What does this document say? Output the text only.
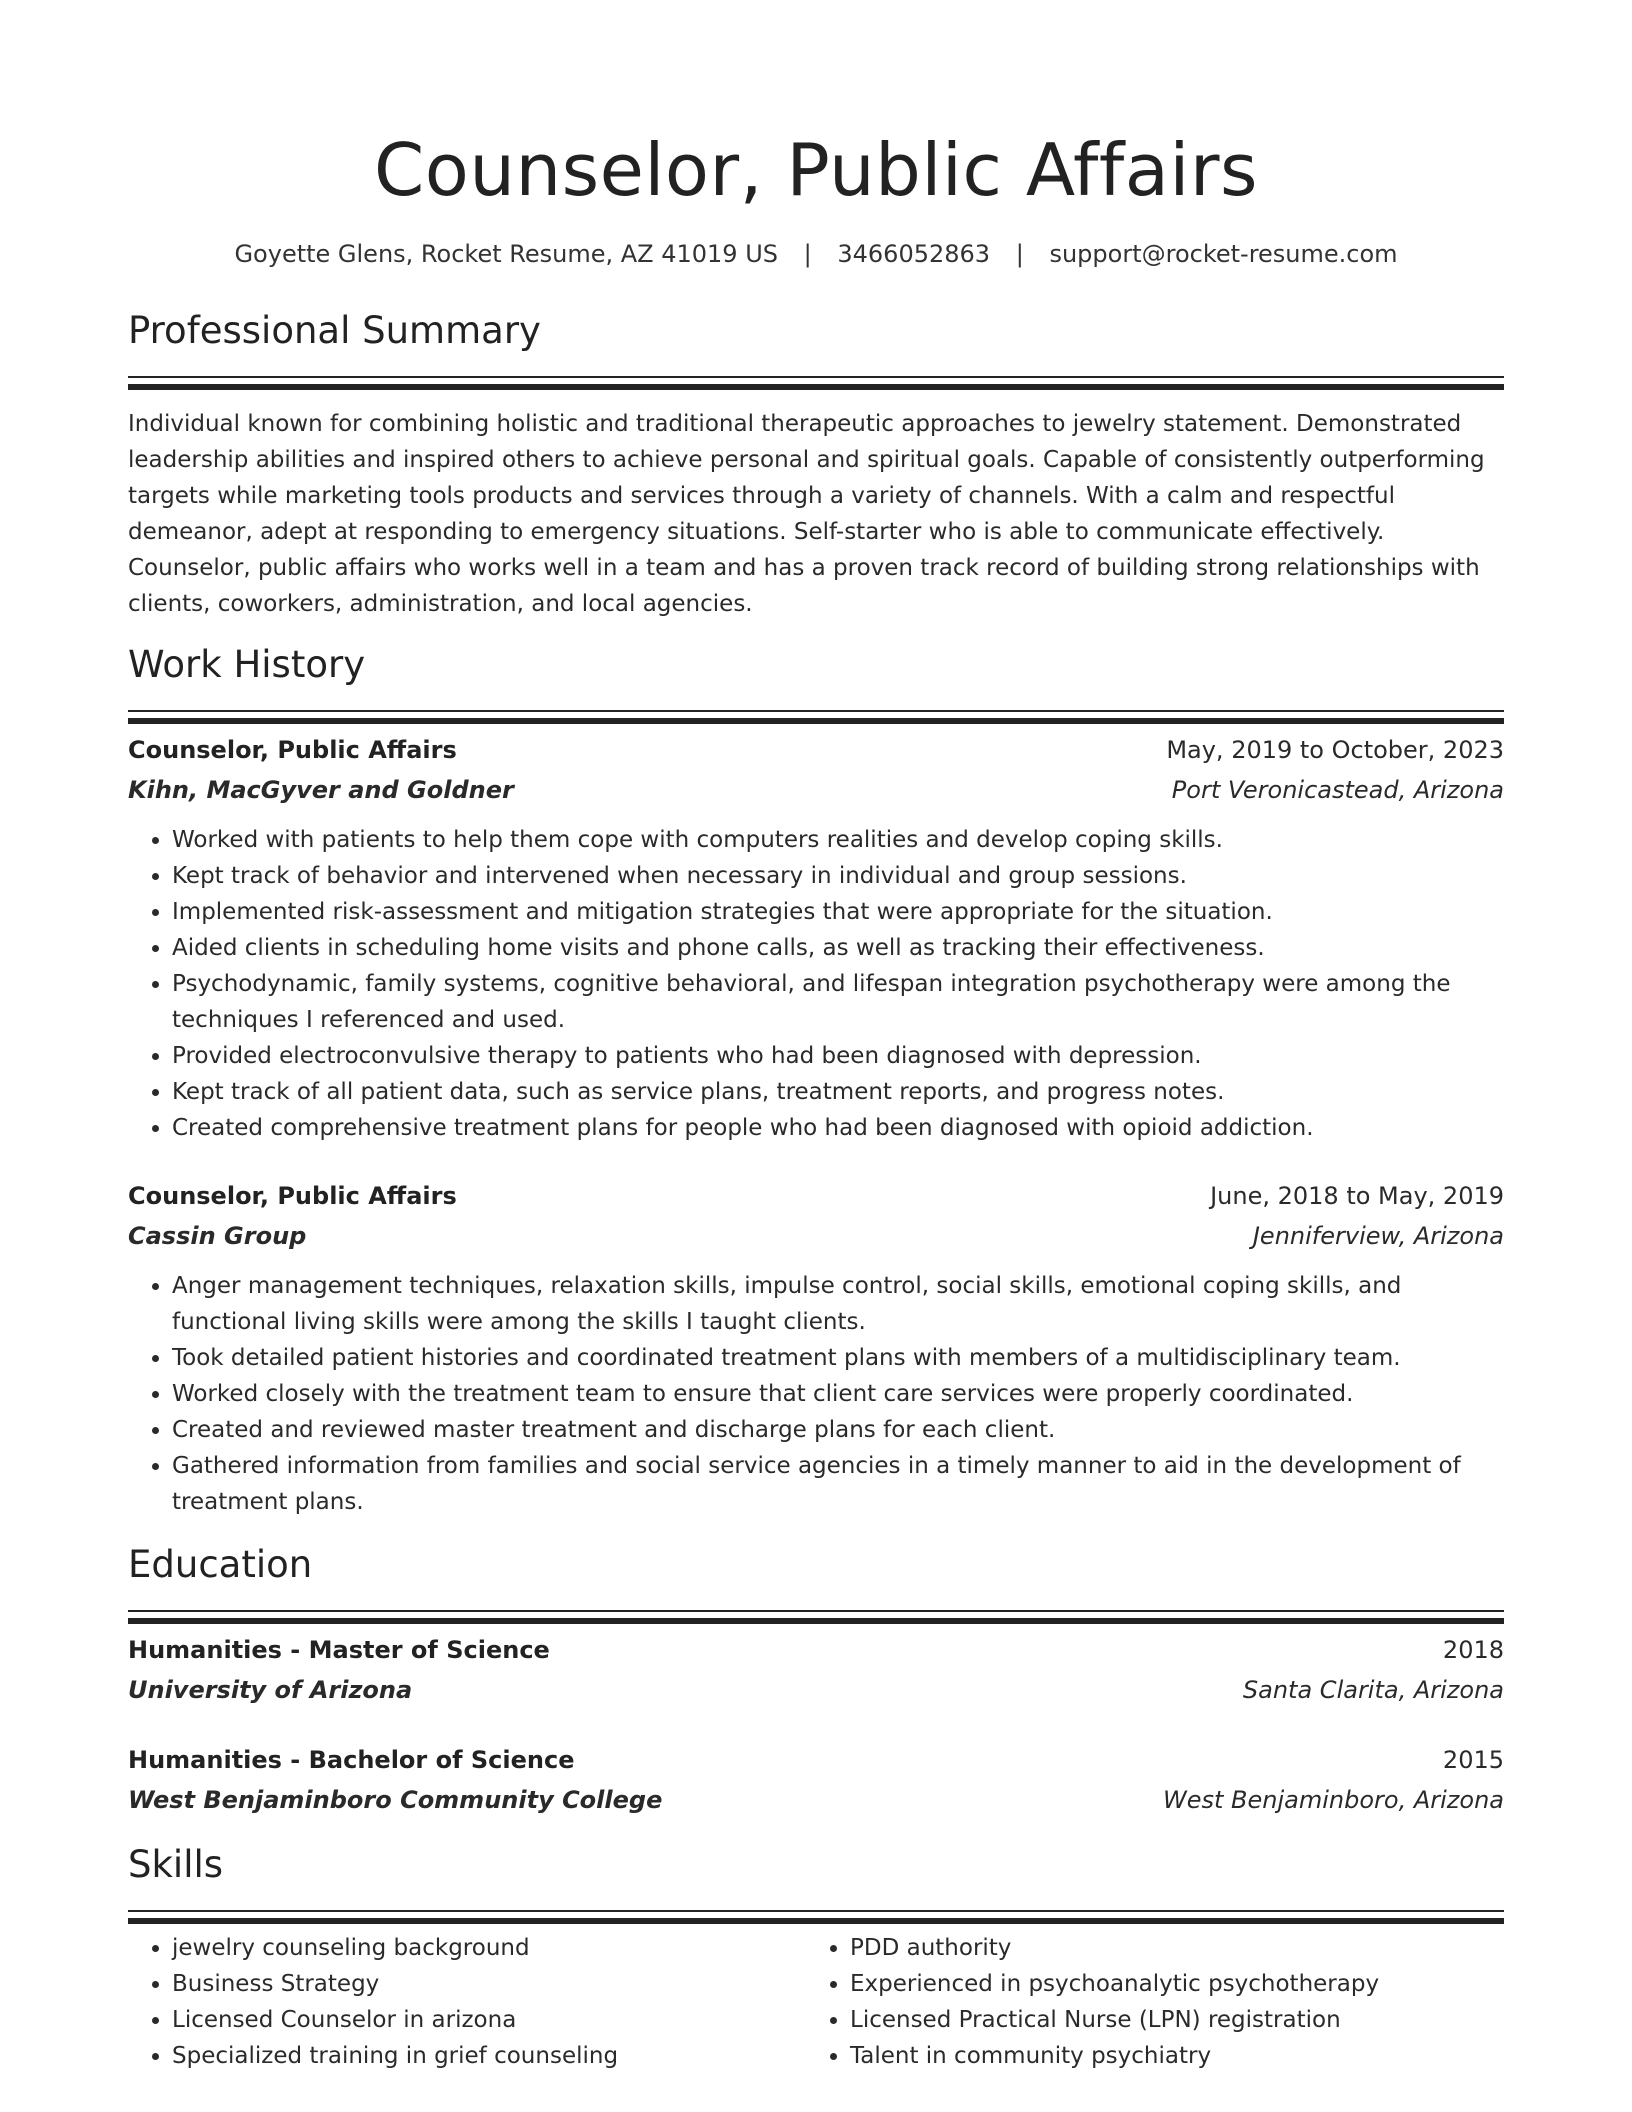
Counselor, Public Affairs
Goyette Glens, Rocket Resume, AZ 41019 US | 3466052863 | support@rocket-resume.com
Professional Summary
Individual known for combining holistic and traditional therapeutic approaches to jewelry statement. Demonstrated leadership abilities and inspired others to achieve personal and spiritual goals. Capable of consistently outperforming targets while marketing tools products and services through a variety of channels. With a calm and respectful demeanor, adept at responding to emergency situations. Self-starter who is able to communicate effectively. Counselor, public affairs who works well in a team and has a proven track record of building strong relationships with clients, coworkers, administration, and local agencies.
Work History
Counselor, Public Affairs	May, 2019 to October, 2023
Kihn, MacGyver and Goldner	Port Veronicastead, Arizona
• Worked with patients to help them cope with computers realities and develop coping skills.
• Kept track of behavior and intervened when necessary in individual and group sessions.
• Implemented risk-assessment and mitigation strategies that were appropriate for the situation.
• Aided clients in scheduling home visits and phone calls, as well as tracking their effectiveness.
• Psychodynamic, family systems, cognitive behavioral, and lifespan integration psychotherapy were among the techniques I referenced and used.
• Provided electroconvulsive therapy to patients who had been diagnosed with depression.
• Kept track of all patient data, such as service plans, treatment reports, and progress notes.
• Created comprehensive treatment plans for people who had been diagnosed with opioid addiction.
Counselor, Public Affairs	June, 2018 to May, 2019
Cassin Group	Jenniferview, Arizona
• Anger management techniques, relaxation skills, impulse control, social skills, emotional coping skills, and functional living skills were among the skills I taught clients.
• Took detailed patient histories and coordinated treatment plans with members of a multidisciplinary team.
• Worked closely with the treatment team to ensure that client care services were properly coordinated.
• Created and reviewed master treatment and discharge plans for each client.
• Gathered information from families and social service agencies in a timely manner to aid in the development of treatment plans.
Education
Humanities - Master of Science	2018
University of Arizona	Santa Clarita, Arizona
Humanities - Bachelor of Science	2015
West Benjaminboro Community College	West Benjaminboro, Arizona
Skills
• jewelry counseling background
• Business Strategy
• Licensed Counselor in arizona
• Specialized training in grief counseling
• PDD authority
• Experienced in psychoanalytic psychotherapy
• Licensed Practical Nurse (LPN) registration
• Talent in community psychiatry
